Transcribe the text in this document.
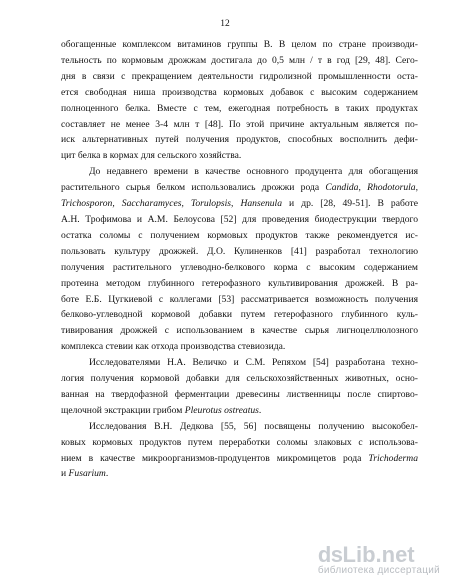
12
обогащенные комплексом витаминов группы В. В целом по стране производи-
тельность по кормовым дрожжам достигала до 0,5 млн / т в год [29, 48]. Сего-
дня в связи с прекращением деятельности гидролизной промышленности оста-
ется свободная ниша производства кормовых добавок с высоким содержанием
полноценного белка. Вместе с тем, ежегодная потребность в таких продуктах
составляет не менее 3-4 млн т [48]. По этой причине актуальным является по-
иск альтернативных путей получения продуктов, способных восполнить дефи-
цит белка в кормах для сельского хозяйства.
До недавнего времени в качестве основного продуцента для обогащения
растительного сырья белком использовались дрожжи рода Candida, Rhodotorula,
Trichosporon, Saccharamyces, Torulopsis, Hansenula и др. [28, 49-51]. В работе
А.Н. Трофимова и А.М. Белоусова [52] для проведения биодеструкции твердого
остатка соломы с получением кормовых продуктов также рекомендуется ис-
пользовать культуру дрожжей. Д.О. Кулиненков [41] разработал технологию
получения растительного углеводно-белкового корма с высоким содержанием
протеина методом глубинного гетерофазного культивирования дрожжей. В ра-
боте Е.Б. Цугкиевой с коллегами [53] рассматривается возможность получения
белково-углеводной кормовой добавки путем гетерофазного глубинного куль-
тивирования дрожжей с использованием в качестве сырья лигноцеллюлозного
комплекса стевии как отхода производства стевиозида.
Исследователями Н.А. Величко и С.М. Репяхом [54] разработана техно-
логия получения кормовой добавки для сельскохозяйственных животных, осно-
ванная на твердофазной ферментации древесины лиственницы после спиртово-
щелочной экстракции грибом Pleurotus ostreatus.
Исследования В.Н. Дедкова [55, 56] посвящены получению высокобел-
ковых кормовых продуктов путем переработки соломы злаковых с использова-
нием в качестве микроорганизмов-продуцентов микромицетов рода Trichoderma
и Fusarium.
ds Lib .net
библиотека диссертаций
